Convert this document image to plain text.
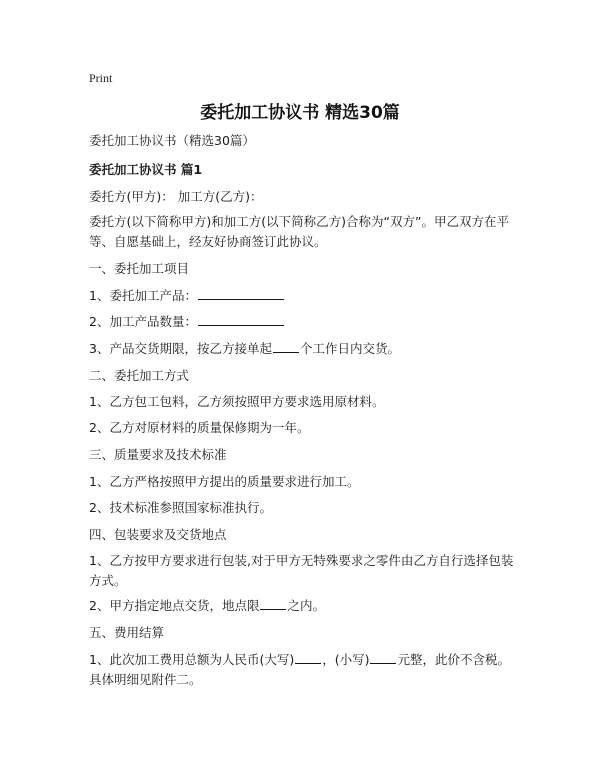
Print
委托加工协议书 精选30篇
委托加工协议书（精选30篇）
委托加工协议书 篇1
委托方(甲方)： 加工方(乙方)：
委托方(以下简称甲方)和加工方(以下简称乙方)合称为“双方”。甲乙双方在平等、自愿基础上，经友好协商签订此协议。
一、委托加工项目
1、委托加工产品：
2、加工产品数量：
3、产品交货期限，按乙方接单起 个工作日内交货。
二、委托加工方式
1、乙方包工包料，乙方须按照甲方要求选用原材料。
2、乙方对原材料的质量保修期为一年。
三、质量要求及技术标准
1、乙方严格按照甲方提出的质量要求进行加工。
2、技术标准参照国家标准执行。
四、包装要求及交货地点
1、乙方按甲方要求进行包装,对于甲方无特殊要求之零件由乙方自行选择包装方式。
2、甲方指定地点交货，地点限 之内。
五、费用结算
1、此次加工费用总额为人民币(大写) ，(小写) 元整，此价不含税。具体明细见附件二。
